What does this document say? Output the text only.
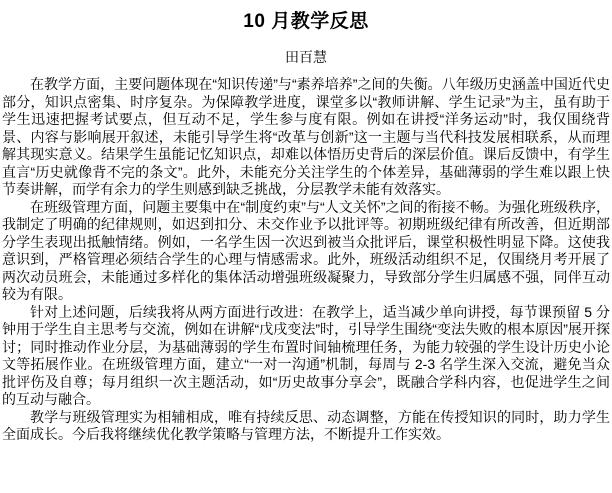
10 月教学反思
田百慧

在教学方面，主要问题体现在“知识传递”与“素养培养”之间的失衡。八年级历史涵盖中国近代史部分，知识点密集、时序复杂。为保障教学进度，课堂多以“教师讲解、学生记录”为主，虽有助于学生迅速把握考试要点，但互动不足，学生参与度有限。例如在讲授“洋务运动”时，我仅围绕背景、内容与影响展开叙述，未能引导学生将“改革与创新”这一主题与当代科技发展相联系，从而理解其现实意义。结果学生虽能记忆知识点，却难以体悟历史背后的深层价值。课后反馈中，有学生直言“历史就像背不完的条文”。此外，未能充分关注学生的个体差异，基础薄弱的学生难以跟上快节奏讲解，而学有余力的学生则感到缺乏挑战，分层教学未能有效落实。

在班级管理方面，问题主要集中在“制度约束”与“人文关怀”之间的衔接不畅。为强化班级秩序，我制定了明确的纪律规则，如迟到扣分、未交作业予以批评等。初期班级纪律有所改善，但近期部分学生表现出抵触情绪。例如，一名学生因一次迟到被当众批评后，课堂积极性明显下降。这使我意识到，严格管理必须结合学生的心理与情感需求。此外，班级活动组织不足，仅围绕月考开展了两次动员班会，未能通过多样化的集体活动增强班级凝聚力，导致部分学生归属感不强，同伴互动较为有限。

针对上述问题，后续我将从两方面进行改进：在教学上，适当减少单向讲授，每节课预留 5 分钟用于学生自主思考与交流，例如在讲解“戊戌变法”时，引导学生围绕“变法失败的根本原因”展开探讨；同时推动作业分层，为基础薄弱的学生布置时间轴梳理任务，为能力较强的学生设计历史小论文等拓展作业。在班级管理方面，建立“一对一沟通”机制，每周与 2-3 名学生深入交流，避免当众批评伤及自尊；每月组织一次主题活动，如“历史故事分享会”，既融合学科内容，也促进学生之间的互动与融合。

教学与班级管理实为相辅相成，唯有持续反思、动态调整，方能在传授知识的同时，助力学生全面成长。今后我将继续优化教学策略与管理方法，不断提升工作实效。
